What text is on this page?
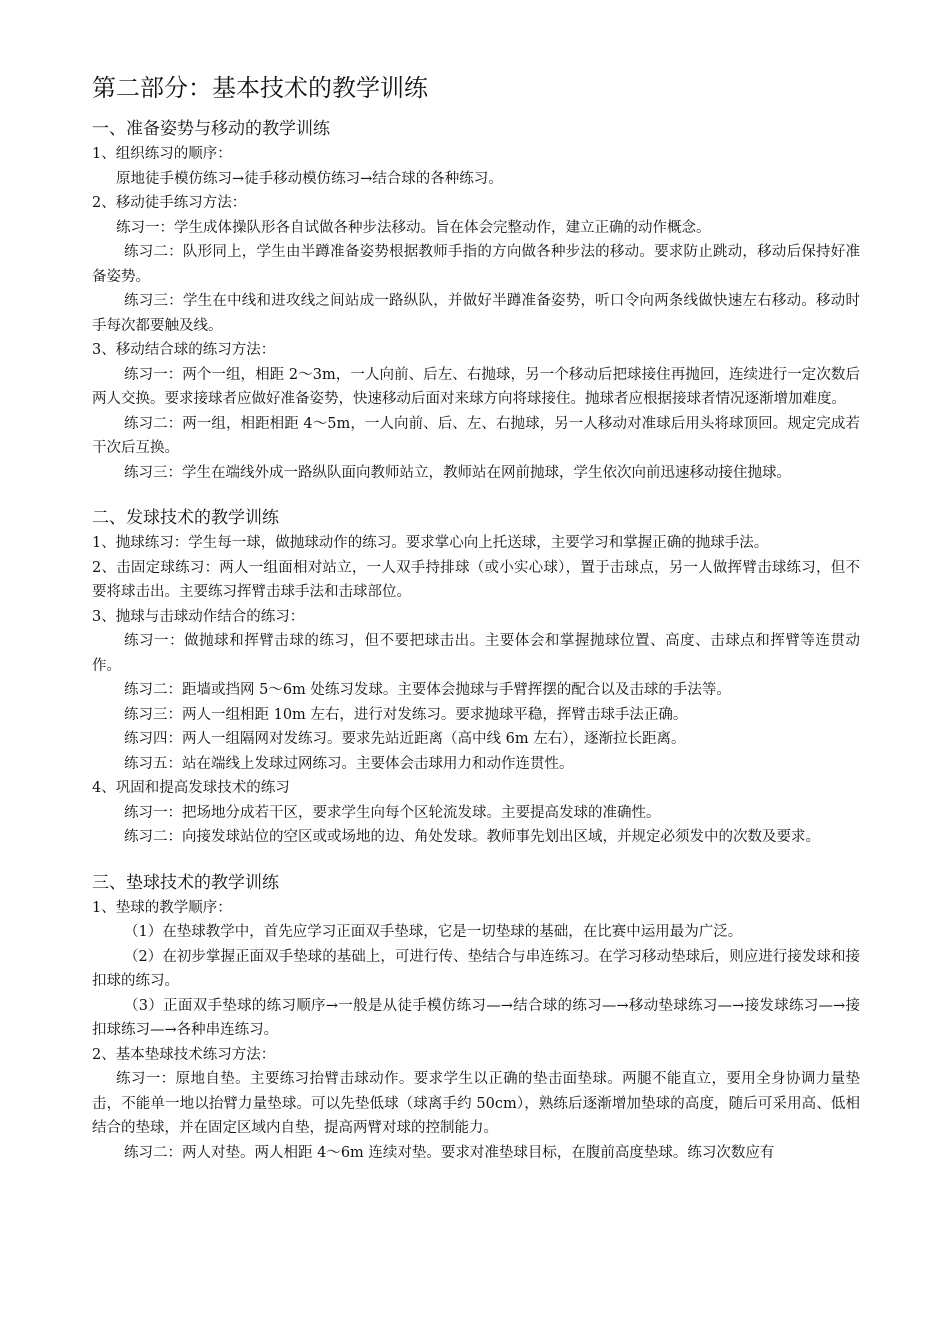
第二部分：基本技术的教学训练
一、准备姿势与移动的教学训练

1、组织练习的顺序：

原地徒手模仿练习→徒手移动模仿练习→结合球的各种练习。

2、移动徒手练习方法：

练习一：学生成体操队形各自试做各种步法移动。旨在体会完整动作，建立正确的动作概念。

练习二：队形同上，学生由半蹲准备姿势根据教师手指的方向做各种步法的移动。要求防止跳动，移动后保持好准备姿势。

练习三：学生在中线和进攻线之间站成一路纵队，并做好半蹲准备姿势，听口令向两条线做快速左右移动。移动时手每次都要触及线。

3、移动结合球的练习方法：

练习一：两个一组，相距 2～3m，一人向前、后左、右抛球，另一个移动后把球接住再抛回，连续进行一定次数后两人交换。要求接球者应做好准备姿势，快速移动后面对来球方向将球接住。抛球者应根据接球者情况逐渐增加难度。

练习二：两一组，相距相距 4～5m，一人向前、后、左、右抛球，另一人移动对准球后用头将球顶回。规定完成若干次后互换。

练习三：学生在端线外成一路纵队面向教师站立，教师站在网前抛球，学生依次向前迅速移动接住抛球。

二、发球技术的教学训练

1、抛球练习：学生每一球，做抛球动作的练习。要求掌心向上托送球，主要学习和掌握正确的抛球手法。

2、击固定球练习：两人一组面相对站立，一人双手持排球（或小实心球），置于击球点，另一人做挥臂击球练习，但不要将球击出。主要练习挥臂击球手法和击球部位。

3、抛球与击球动作结合的练习：

练习一：做抛球和挥臂击球的练习，但不要把球击出。主要体会和掌握抛球位置、高度、击球点和挥臂等连贯动作。

练习二：距墙或挡网 5～6m 处练习发球。主要体会抛球与手臂挥摆的配合以及击球的手法等。

练习三：两人一组相距 10m 左右，进行对发练习。要求抛球平稳，挥臂击球手法正确。

练习四：两人一组隔网对发练习。要求先站近距离（高中线 6m 左右），逐渐拉长距离。

练习五：站在端线上发球过网练习。主要体会击球用力和动作连贯性。

4、巩固和提高发球技术的练习

练习一：把场地分成若干区，要求学生向每个区轮流发球。主要提高发球的准确性。

练习二：向接发球站位的空区或或场地的边、角处发球。教师事先划出区域，并规定必须发中的次数及要求。

三、垫球技术的教学训练

1、垫球的教学顺序：

（1）在垫球教学中，首先应学习正面双手垫球，它是一切垫球的基础，在比赛中运用最为广泛。

（2）在初步掌握正面双手垫球的基础上，可进行传、垫结合与串连练习。在学习移动垫球后，则应进行接发球和接扣球的练习。

（3）正面双手垫球的练习顺序→一般是从徒手模仿练习—→结合球的练习—→移动垫球练习—→接发球练习—→接扣球练习—→各种串连练习。

2、基本垫球技术练习方法：

练习一：原地自垫。主要练习抬臂击球动作。要求学生以正确的垫击面垫球。两腿不能直立，要用全身协调力量垫击，不能单一地以抬臂力量垫球。可以先垫低球（球离手约 50cm），熟练后逐渐增加垫球的高度，随后可采用高、低相结合的垫球，并在固定区域内自垫，提高两臂对球的控制能力。

练习二：两人对垫。两人相距 4～6m 连续对垫。要求对准垫球目标，在腹前高度垫球。练习次数应有
